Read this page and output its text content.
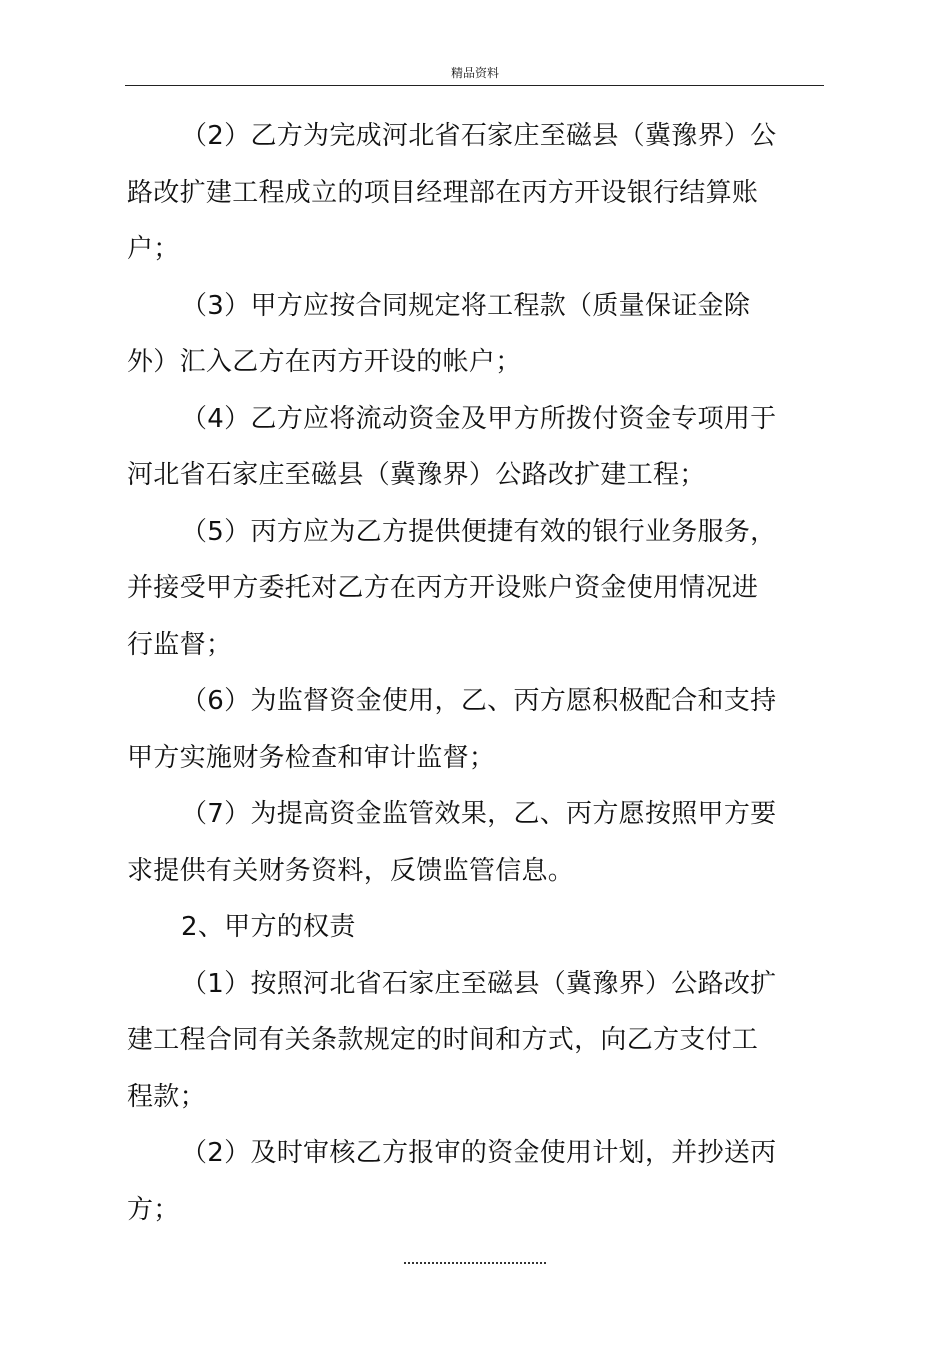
精品资料

（2）乙方为完成河北省石家庄至磁县（冀豫界）公路改扩建工程成立的项目经理部在丙方开设银行结算账户；

（3）甲方应按合同规定将工程款（质量保证金除外）汇入乙方在丙方开设的帐户；

（4）乙方应将流动资金及甲方所拨付资金专项用于河北省石家庄至磁县（冀豫界）公路改扩建工程；

（5）丙方应为乙方提供便捷有效的银行业务服务，并接受甲方委托对乙方在丙方开设账户资金使用情况进行监督；

（6）为监督资金使用，乙、丙方愿积极配合和支持甲方实施财务检查和审计监督；

（7）为提高资金监管效果，乙、丙方愿按照甲方要求提供有关财务资料，反馈监管信息。

2、甲方的权责

（1）按照河北省石家庄至磁县（冀豫界）公路改扩建工程合同有关条款规定的时间和方式，向乙方支付工程款；

（2）及时审核乙方报审的资金使用计划，并抄送丙方；
